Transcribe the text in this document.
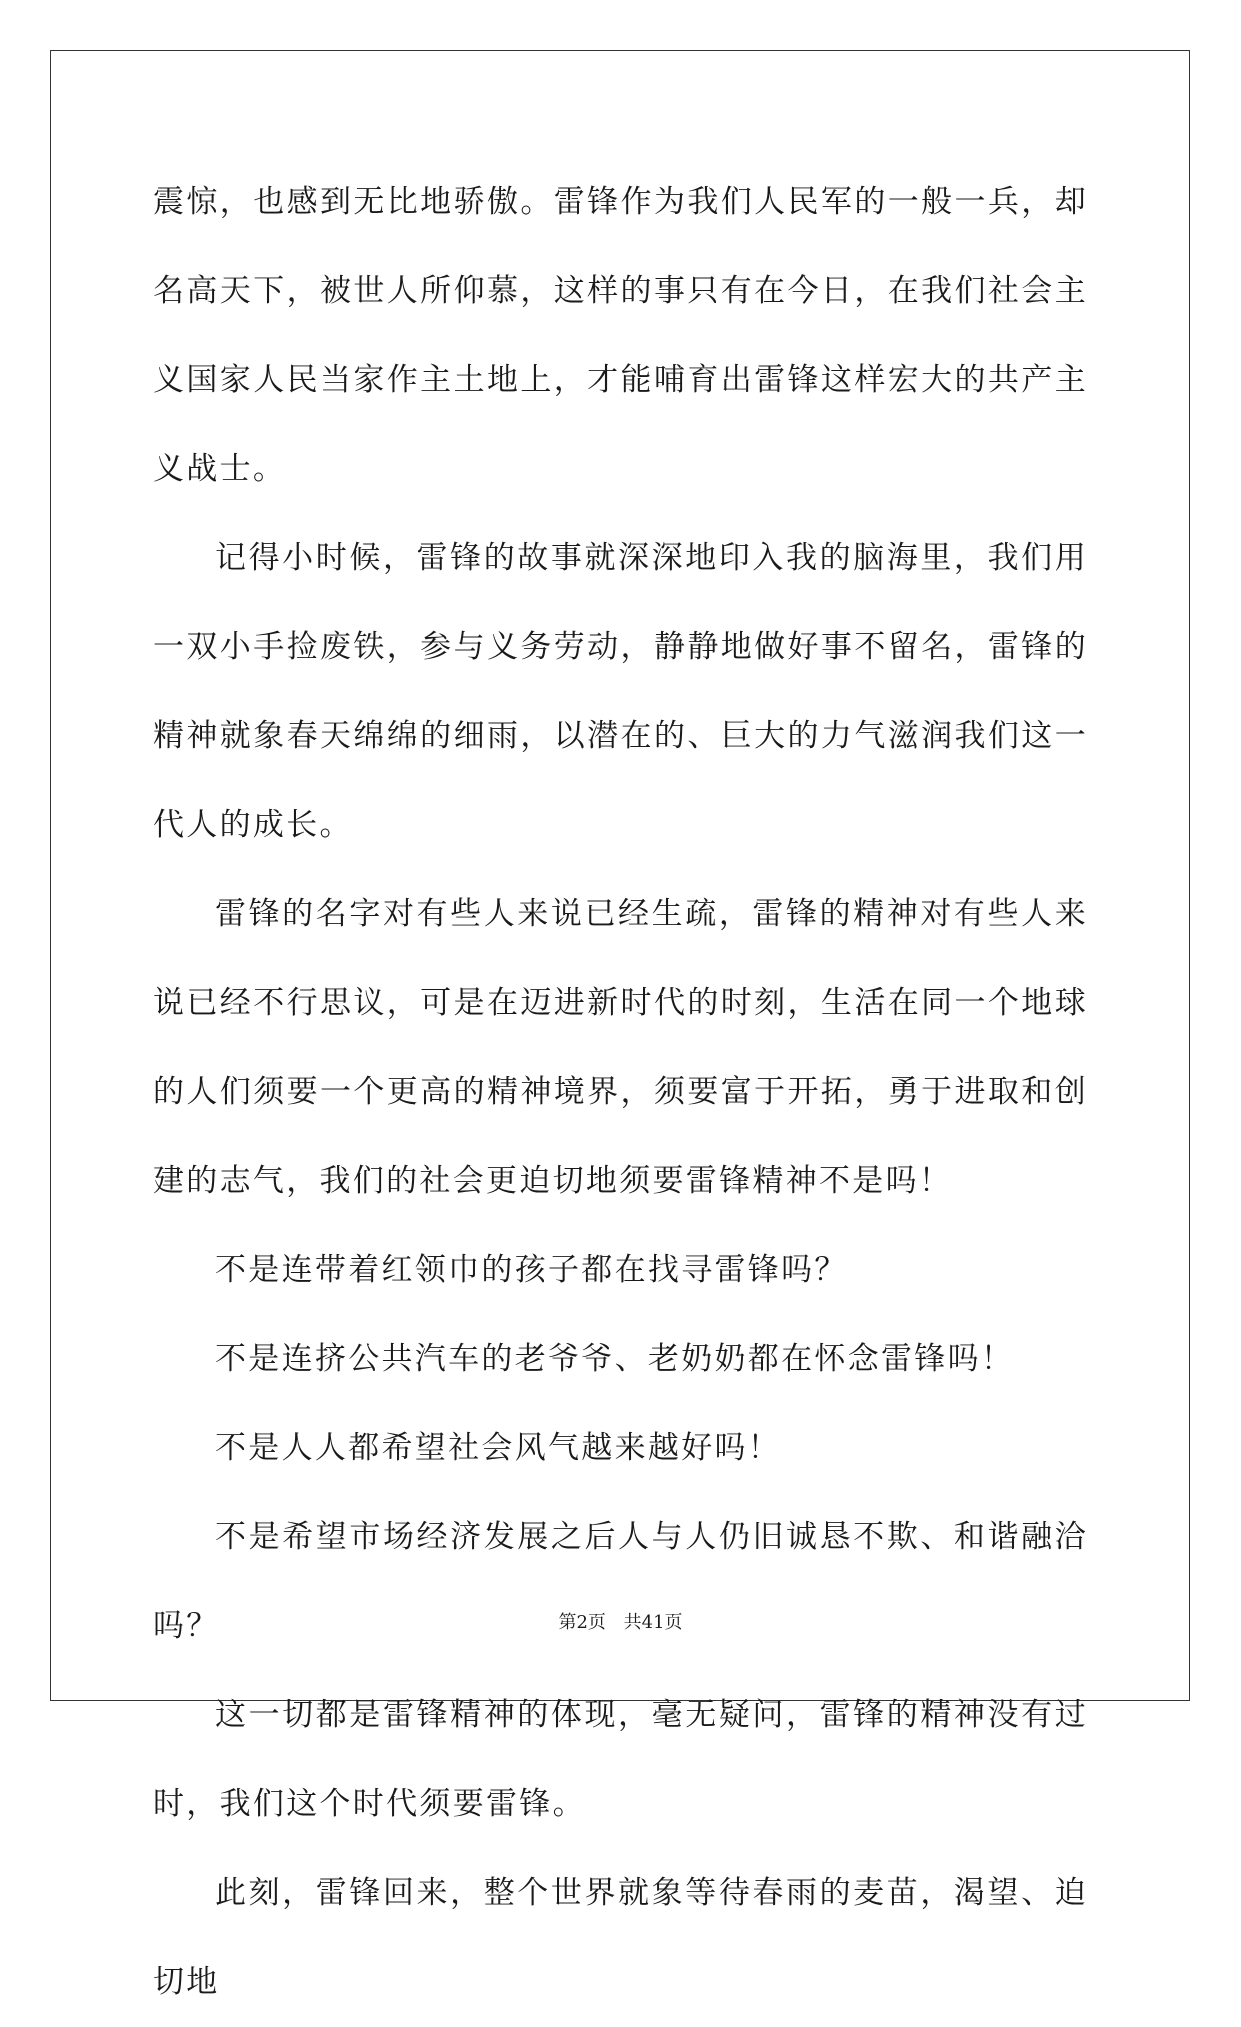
震惊，也感到无比地骄傲。雷锋作为我们人民军的一般一兵，却名高天下，被世人所仰慕，这样的事只有在今日，在我们社会主义国家人民当家作主土地上，才能哺育出雷锋这样宏大的共产主义战士。

记得小时候，雷锋的故事就深深地印入我的脑海里，我们用一双小手捡废铁，参与义务劳动，静静地做好事不留名，雷锋的精神就象春天绵绵的细雨，以潜在的、巨大的力气滋润我们这一代人的成长。

雷锋的名字对有些人来说已经生疏，雷锋的精神对有些人来说已经不行思议，可是在迈进新时代的时刻，生活在同一个地球的人们须要一个更高的精神境界，须要富于开拓，勇于进取和创建的志气，我们的社会更迫切地须要雷锋精神不是吗！

不是连带着红领巾的孩子都在找寻雷锋吗？

不是连挤公共汽车的老爷爷、老奶奶都在怀念雷锋吗！

不是人人都希望社会风气越来越好吗！

不是希望市场经济发展之后人与人仍旧诚恳不欺、和谐融洽吗？

这一切都是雷锋精神的体现，毫无疑问，雷锋的精神没有过时，我们这个时代须要雷锋。

此刻，雷锋回来，整个世界就象等待春雨的麦苗，渴望、迫切地

第2页 共41页
